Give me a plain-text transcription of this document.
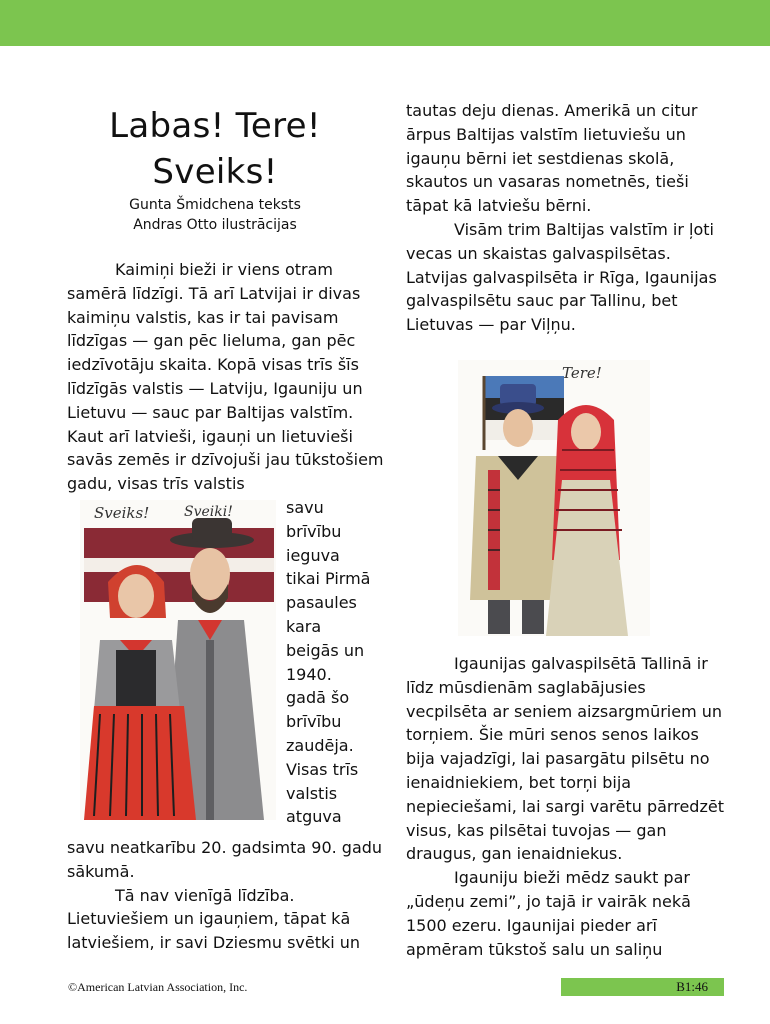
Labas! Tere!
Sveiks!
Gunta Šmidchena teksts
Andras Otto ilustrācijas

Kaimiņi bieži ir viens otram samērā līdzīgi. Tā arī Latvijai ir divas kaimiņu valstis, kas ir tai pavisam līdzīgas — gan pēc lieluma, gan pēc iedzīvotāju skaita. Kopā visas trīs šīs līdzīgās valstis — Latviju, Igauniju un Lietuvu — sauc par Baltijas valstīm. Kaut arī latvieši, igauņi un lietuvieši savās zemēs ir dzīvojuši jau tūkstošiem gadu, visas trīs valstis

Sveiks! Sveiki!	savu
brīvību
ieguva
tikai Pirmā
pasaules
kara
beigās un
1940.
gadā šo
brīvību
zaudēja.
Visas trīs
valstis
atguva

savu neatkarību 20. gadsimta 90. gadu sākumā.

Tā nav vienīgā līdzība. Lietuviešiem un igauņiem, tāpat kā latviešiem, ir savi Dziesmu svētki un

tautas deju dienas. Amerikā un citur ārpus Baltijas valstīm lietuviešu un igauņu bērni iet sestdienas skolā, skautos un vasaras nometnēs, tieši tāpat kā latviešu bērni.

Visām trim Baltijas valstīm ir ļoti vecas un skaistas galvaspilsētas. Latvijas galvaspilsēta ir Rīga, Igaunijas galvaspilsētu sauc par Tallinu, bet Lietuvas — par Viļņu.

Tere!

Igaunijas galvaspilsētā Tallinā ir līdz mūsdienām saglabājusies vecpilsēta ar seniem aizsargmūriem un torņiem. Šie mūri senos senos laikos bija vajadzīgi, lai pasargātu pilsētu no ienaidniekiem, bet torņi bija nepieciešami, lai sargi varētu pārredzēt visus, kas pilsētai tuvojas — gan draugus, gan ienaidniekus.

Igauniju bieži mēdz saukt par „ūdeņu zemi”, jo tajā ir vairāk nekā 1500 ezeru. Igaunijai pieder arī apmēram tūkstoš salu un saliņu

©American Latvian Association, Inc.	B1:46
